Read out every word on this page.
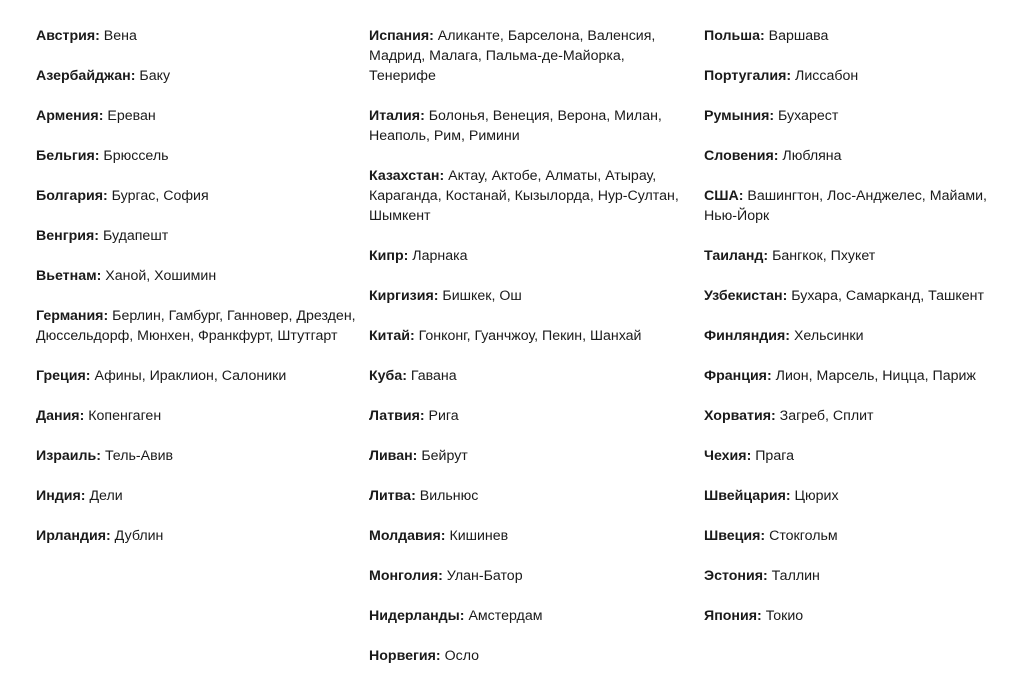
Австрия: Вена

Азербайджан: Баку

Армения: Ереван

Бельгия: Брюссель

Болгария: Бургас, София

Венгрия: Будапешт

Вьетнам: Ханой, Хошимин

Германия: Берлин, Гамбург, Ганновер, Дрезден, Дюссельдорф, Мюнхен, Франкфурт, Штутгарт

Греция: Афины, Ираклион, Салоники

Дания: Копенгаген

Израиль: Тель-Авив

Индия: Дели

Ирландия: Дублин

Испания: Аликанте, Барселона, Валенсия, Мадрид, Малага, Пальма-де-Майорка, Тенерифе

Италия: Болонья, Венеция, Верона, Милан, Неаполь, Рим, Римини

Казахстан: Актау, Актобе, Алматы, Атырау, Караганда, Костанай, Кызылорда, Нур-Султан, Шымкент

Кипр: Ларнака

Киргизия: Бишкек, Ош

Китай: Гонконг, Гуанчжоу, Пекин, Шанхай

Куба: Гавана

Латвия: Рига

Ливан: Бейрут

Литва: Вильнюс

Молдавия: Кишинев

Монголия: Улан-Батор

Нидерланды: Амстердам

Норвегия: Осло

Польша: Варшава

Португалия: Лиссабон

Румыния: Бухарест

Словения: Любляна

США: Вашингтон, Лос-Анджелес, Майами, Нью-Йорк

Таиланд: Бангкок, Пхукет

Узбекистан: Бухара, Самарканд, Ташкент

Финляндия: Хельсинки

Франция: Лион, Марсель, Ницца, Париж

Хорватия: Загреб, Сплит

Чехия: Прага

Швейцария: Цюрих

Швеция: Стокгольм

Эстония: Таллин

Япония: Токио
